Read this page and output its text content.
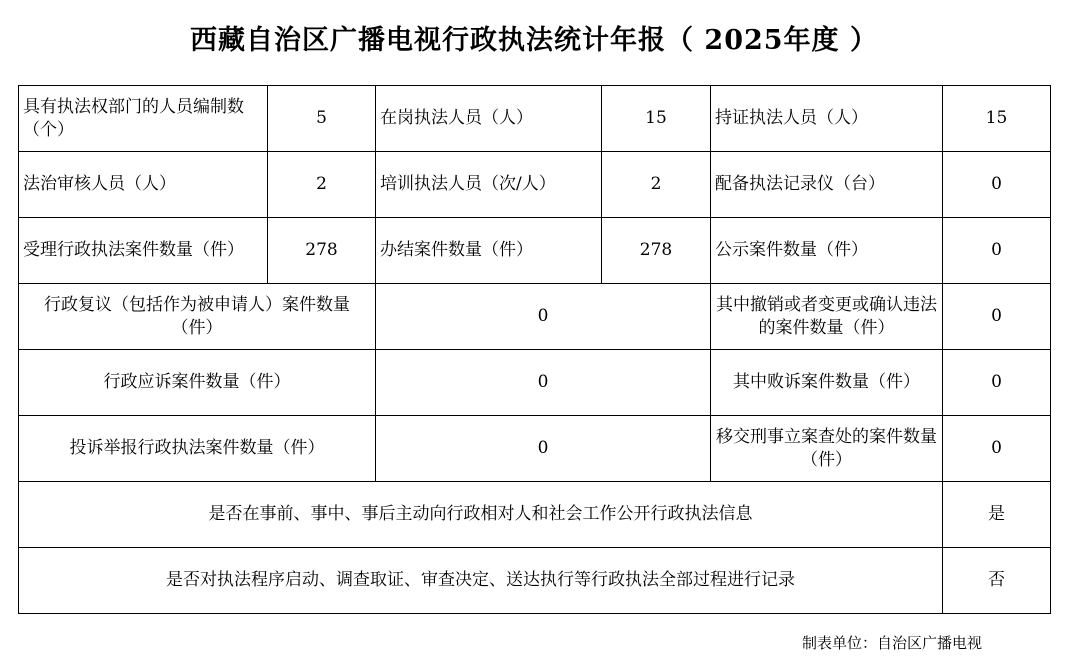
西藏自治区广播电视行政执法统计年报（ 2025年度 ）
具有执法权部门的人员编制数（个）	5	在岗执法人员（人）	15	持证执法人员（人）	15
法治审核人员（人）	2	培训执法人员（次/人）	2	配备执法记录仪（台）	0
受理行政执法案件数量（件）	278	办结案件数量（件）	278	公示案件数量（件）	0
行政复议（包括作为被申请人）案件数量（件）		0		其中撤销或者变更或确认违法的案件数量（件）	0
行政应诉案件数量（件）		0		其中败诉案件数量（件）	0
投诉举报行政执法案件数量（件）		0		移交刑事立案查处的案件数量（件）	0
是否在事前、事中、事后主动向行政相对人和社会工作公开行政执法信息					是
是否对执法程序启动、调查取证、审查决定、送达执行等行政执法全部过程进行记录					否
制表单位：自治区广播电视
